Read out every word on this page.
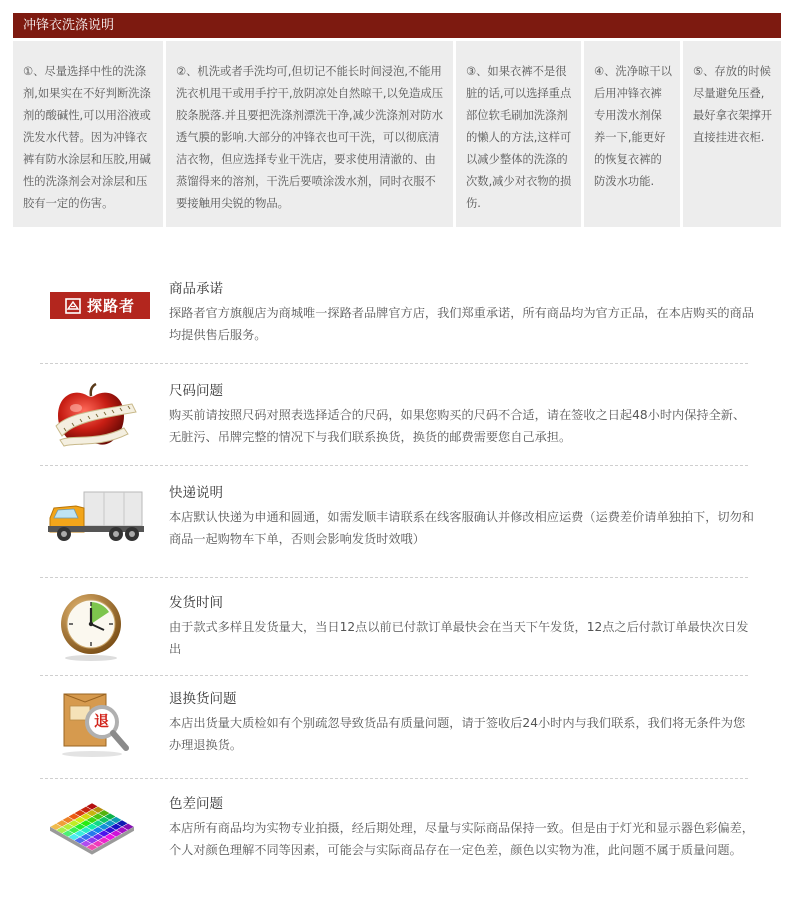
冲锋衣洗涤说明
①、尽量选择中性的洗涤剂,如果实在不好判断洗涤剂的酸碱性,可以用浴液或洗发水代替。因为冲锋衣裤有防水涂层和压胶,用碱性的洗涤剂会对涂层和压胶有一定的伤害。
②、机洗或者手洗均可,但切记不能长时间浸泡,不能用洗衣机甩干或用手拧干,放阴凉处自然晾干,以免造成压胶条脱落.并且要把洗涤剂漂洗干净,减少洗涤剂对防水透气膜的影响.大部分的冲锋衣也可干洗，可以彻底清洁衣物，但应选择专业干洗店，要求使用清澈的、由蒸馏得来的溶剂，干洗后要喷涂泼水剂，同时衣服不要接触用尖锐的物品。
③、如果衣裤不是很脏的话,可以选择重点部位软毛刷加洗涤剂的懒人的方法,这样可以减少整体的洗涤的次数,减少对衣物的损伤.
④、洗净晾干以后用冲锋衣裤专用泼水剂保养一下,能更好的恢复衣裤的防泼水功能.
⑤、存放的时候尽量避免压叠,最好拿衣架撑开直接挂进衣柜.
探路者
商品承诺
探路者官方旗舰店为商城唯一探路者品牌官方店，我们郑重承诺，所有商品均为官方正品，在本店购买的商品均提供售后服务。
尺码问题
购买前请按照尺码对照表选择适合的尺码，如果您购买的尺码不合适，请在签收之日起48小时内保持全新、无脏污、吊牌完整的情况下与我们联系换货，换货的邮费需要您自己承担。
快递说明
本店默认快递为申通和圆通，如需发顺丰请联系在线客服确认并修改相应运费（运费差价请单独拍下，切勿和商品一起购物车下单，否则会影响发货时效哦）
发货时间
由于款式多样且发货量大，当日12点以前已付款订单最快会在当天下午发货，12点之后付款订单最快次日发出
退
退换货问题
本店出货量大质检如有个别疏忽导致货品有质量问题，请于签收后24小时内与我们联系，我们将无条件为您办理退换货。
色差问题
本店所有商品均为实物专业拍摄，经后期处理，尽量与实际商品保持一致。但是由于灯光和显示器色彩偏差，个人对颜色理解不同等因素，可能会与实际商品存在一定色差，颜色以实物为准，此问题不属于质量问题。
